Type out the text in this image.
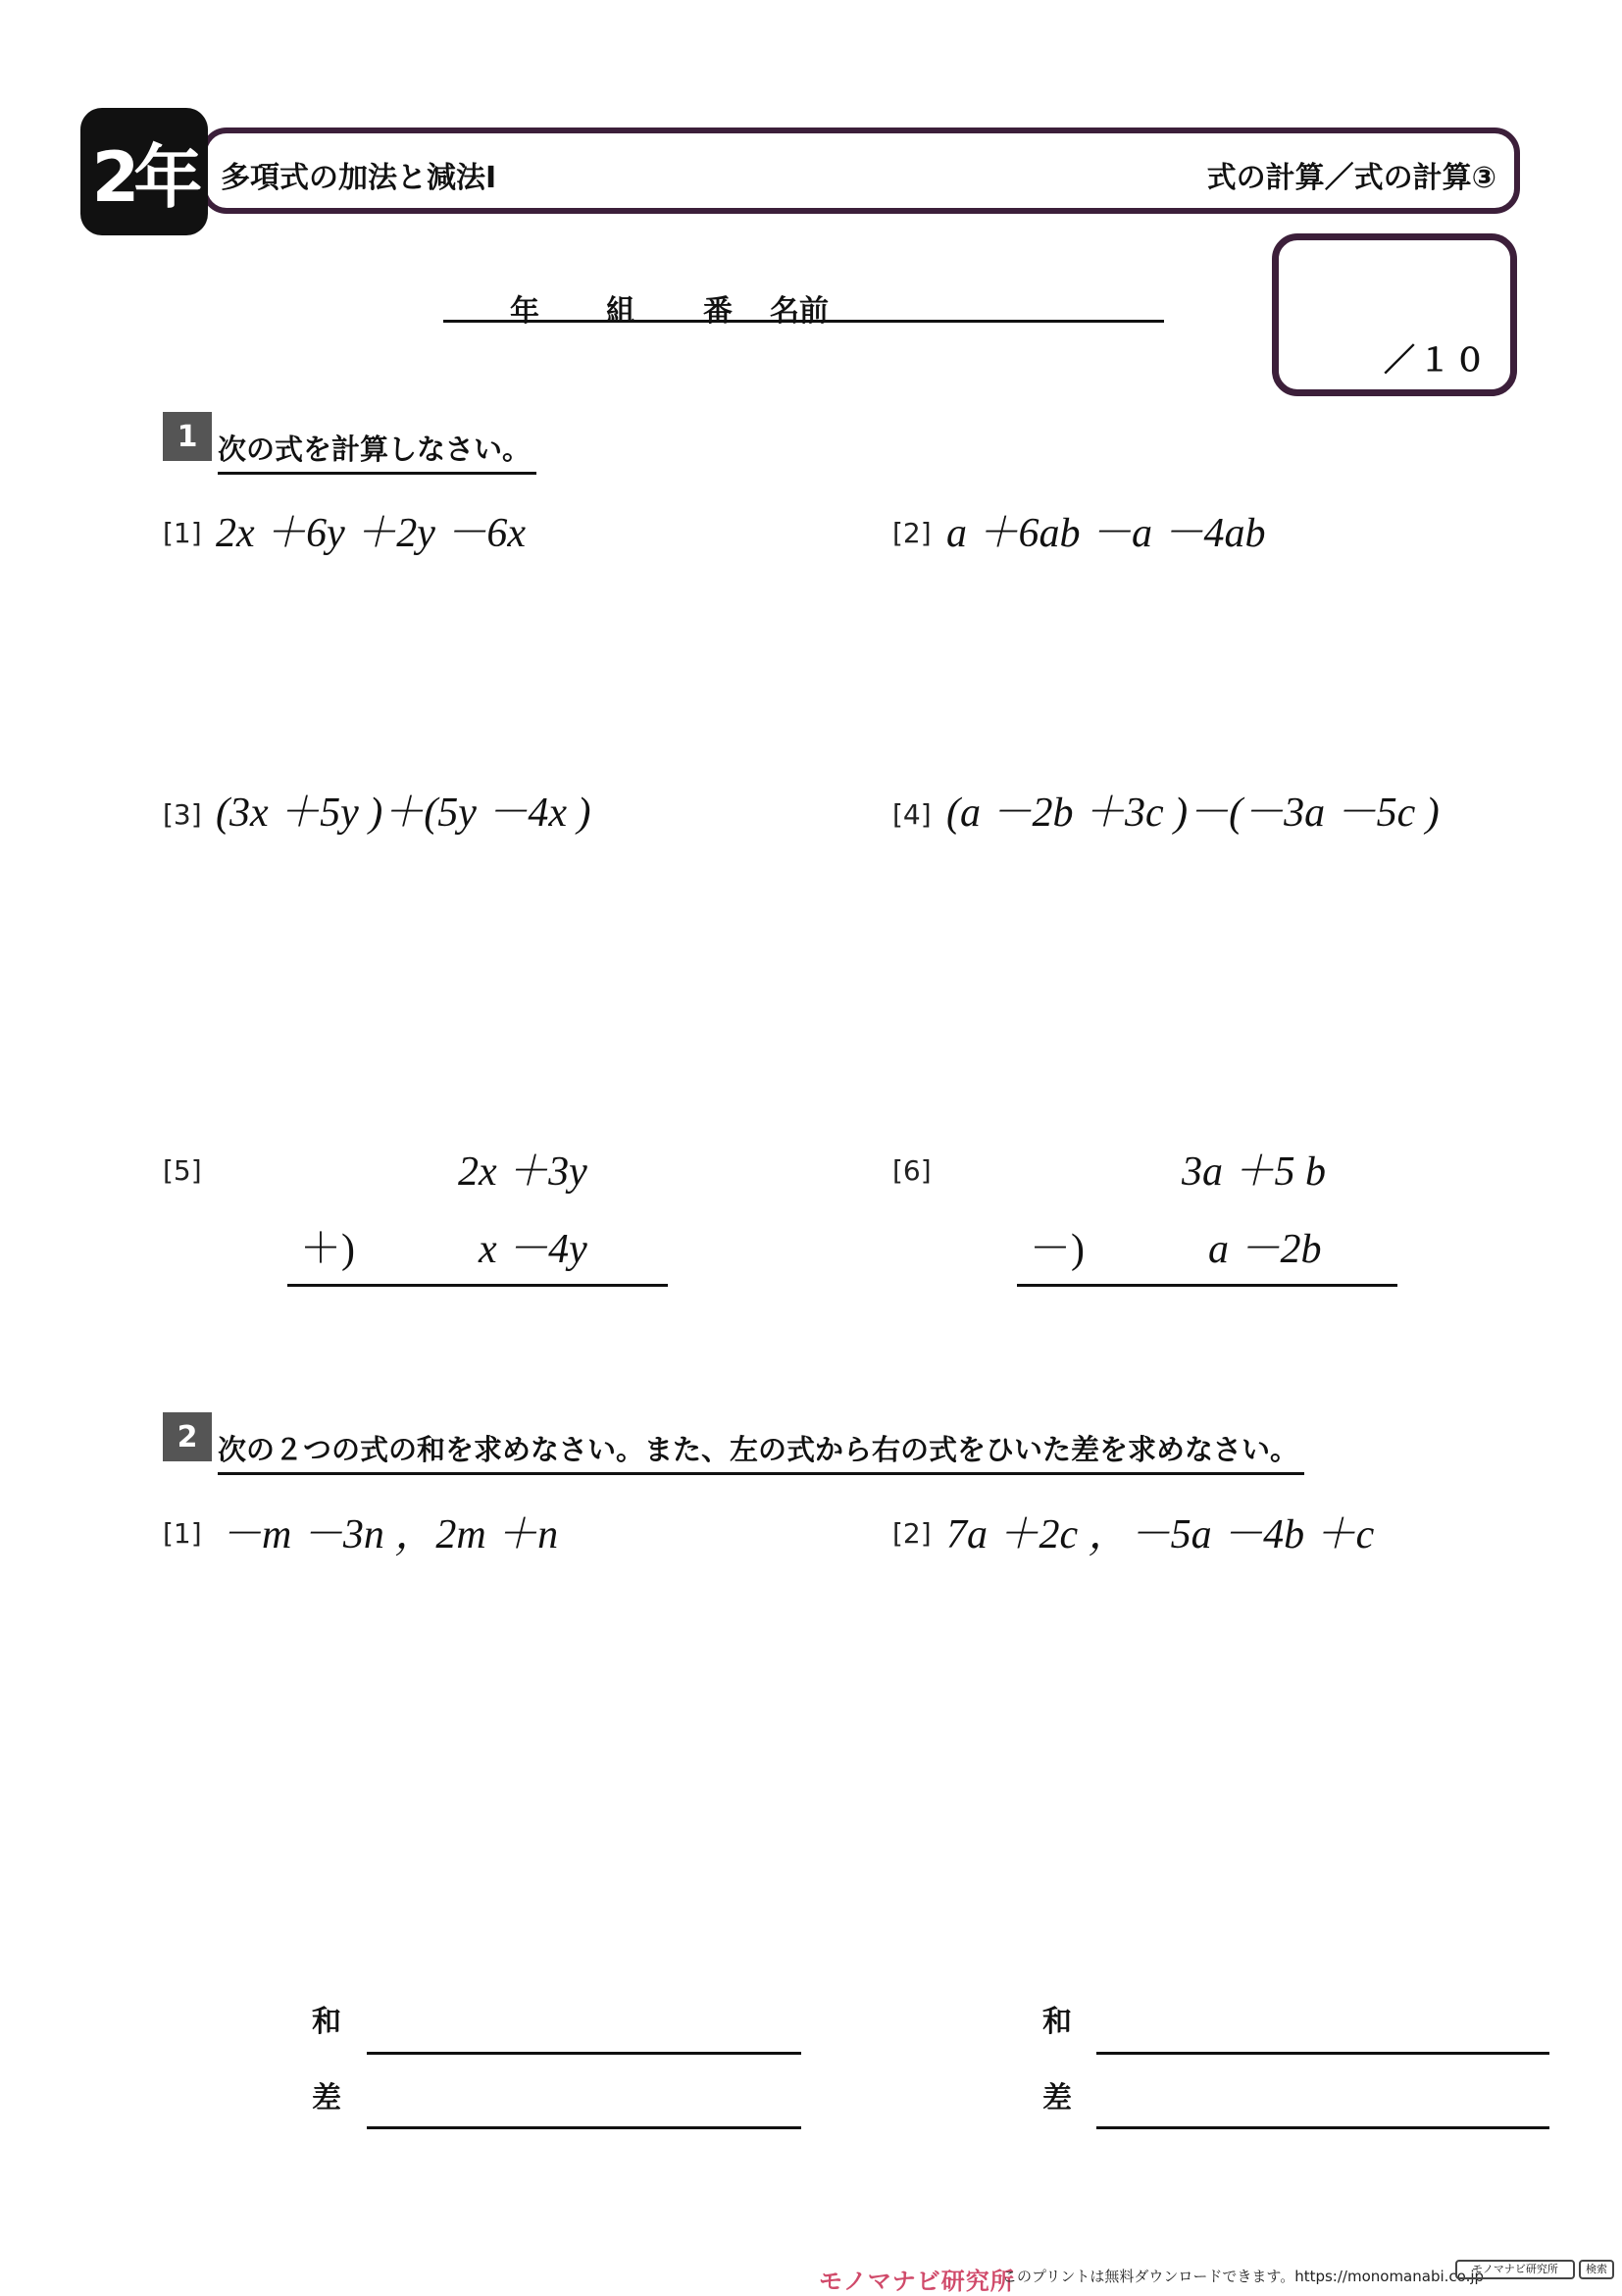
2年 多項式の加法と減法Ⅰ	式の計算／式の計算③
年 組 番 名前
／１０
1 次の式を計算しなさい。
[1] 2x ＋6y ＋2y －6x	[2] a ＋6ab －a －4ab
[3] (3x ＋5y )＋(5y －4x )	[4] (a －2b ＋3c )－(－3a －5c )
[5]	2x ＋3y
＋)	x －4y
[6]	3a ＋5 b
－)	a －2b
2 次の２つの式の和を求めなさい。また、左の式から右の式をひいた差を求めなさい。
[1] －m －3n ，2m ＋n	[2] 7a ＋2c ，－5a －4b ＋c
和
差
和
差
モノマナビ研究所
このプリントは無料ダウンロードできます。https://monomanabi.co.jp
モノマナビ研究所	検索
